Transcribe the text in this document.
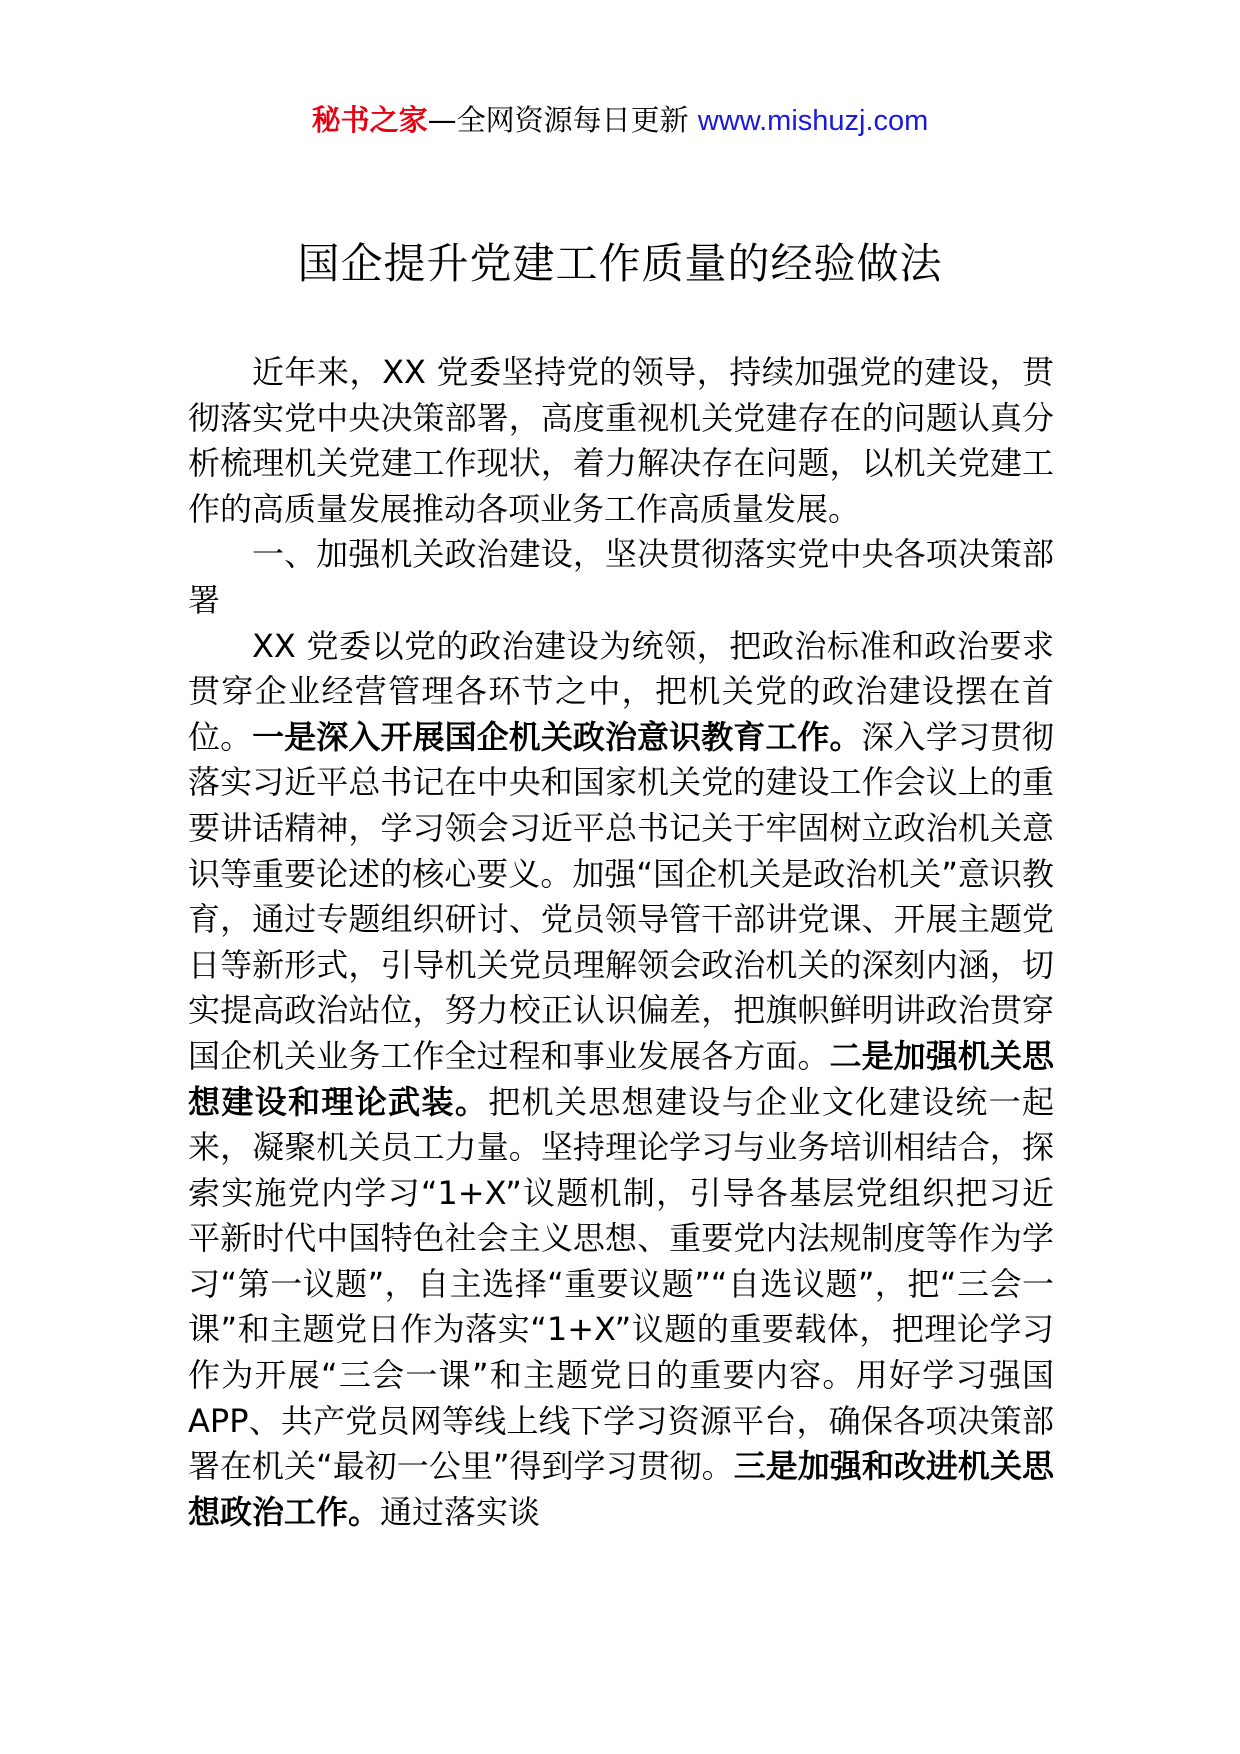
秘书之家—全网资源每日更新 www.mishuzj.com
国企提升党建工作质量的经验做法

近年来，XX 党委坚持党的领导，持续加强党的建设，贯彻落实党中央决策部署，高度重视机关党建存在的问题认真分析梳理机关党建工作现状，着力解决存在问题，以机关党建工作的高质量发展推动各项业务工作高质量发展。

一、加强机关政治建设，坚决贯彻落实党中央各项决策部署

XX 党委以党的政治建设为统领，把政治标准和政治要求贯穿企业经营管理各环节之中，把机关党的政治建设摆在首位。一是深入开展国企机关政治意识教育工作。深入学习贯彻落实习近平总书记在中央和国家机关党的建设工作会议上的重要讲话精神，学习领会习近平总书记关于牢固树立政治机关意识等重要论述的核心要义。加强“国企机关是政治机关”意识教育，通过专题组织研讨、党员领导管干部讲党课、开展主题党日等新形式，引导机关党员理解领会政治机关的深刻内涵，切实提高政治站位，努力校正认识偏差，把旗帜鲜明讲政治贯穿国企机关业务工作全过程和事业发展各方面。二是加强机关思想建设和理论武装。把机关思想建设与企业文化建设统一起来，凝聚机关员工力量。坚持理论学习与业务培训相结合，探索实施党内学习“1+X”议题机制，引导各基层党组织把习近平新时代中国特色社会主义思想、重要党内法规制度等作为学习“第一议题”，自主选择“重要议题”“自选议题”，把“三会一课”和主题党日作为落实“1+X”议题的重要载体，把理论学习作为开展“三会一课”和主题党日的重要内容。用好学习强国 APP、共产党员网等线上线下学习资源平台，确保各项决策部署在机关“最初一公里”得到学习贯彻。三是加强和改进机关思想政治工作。通过落实谈
